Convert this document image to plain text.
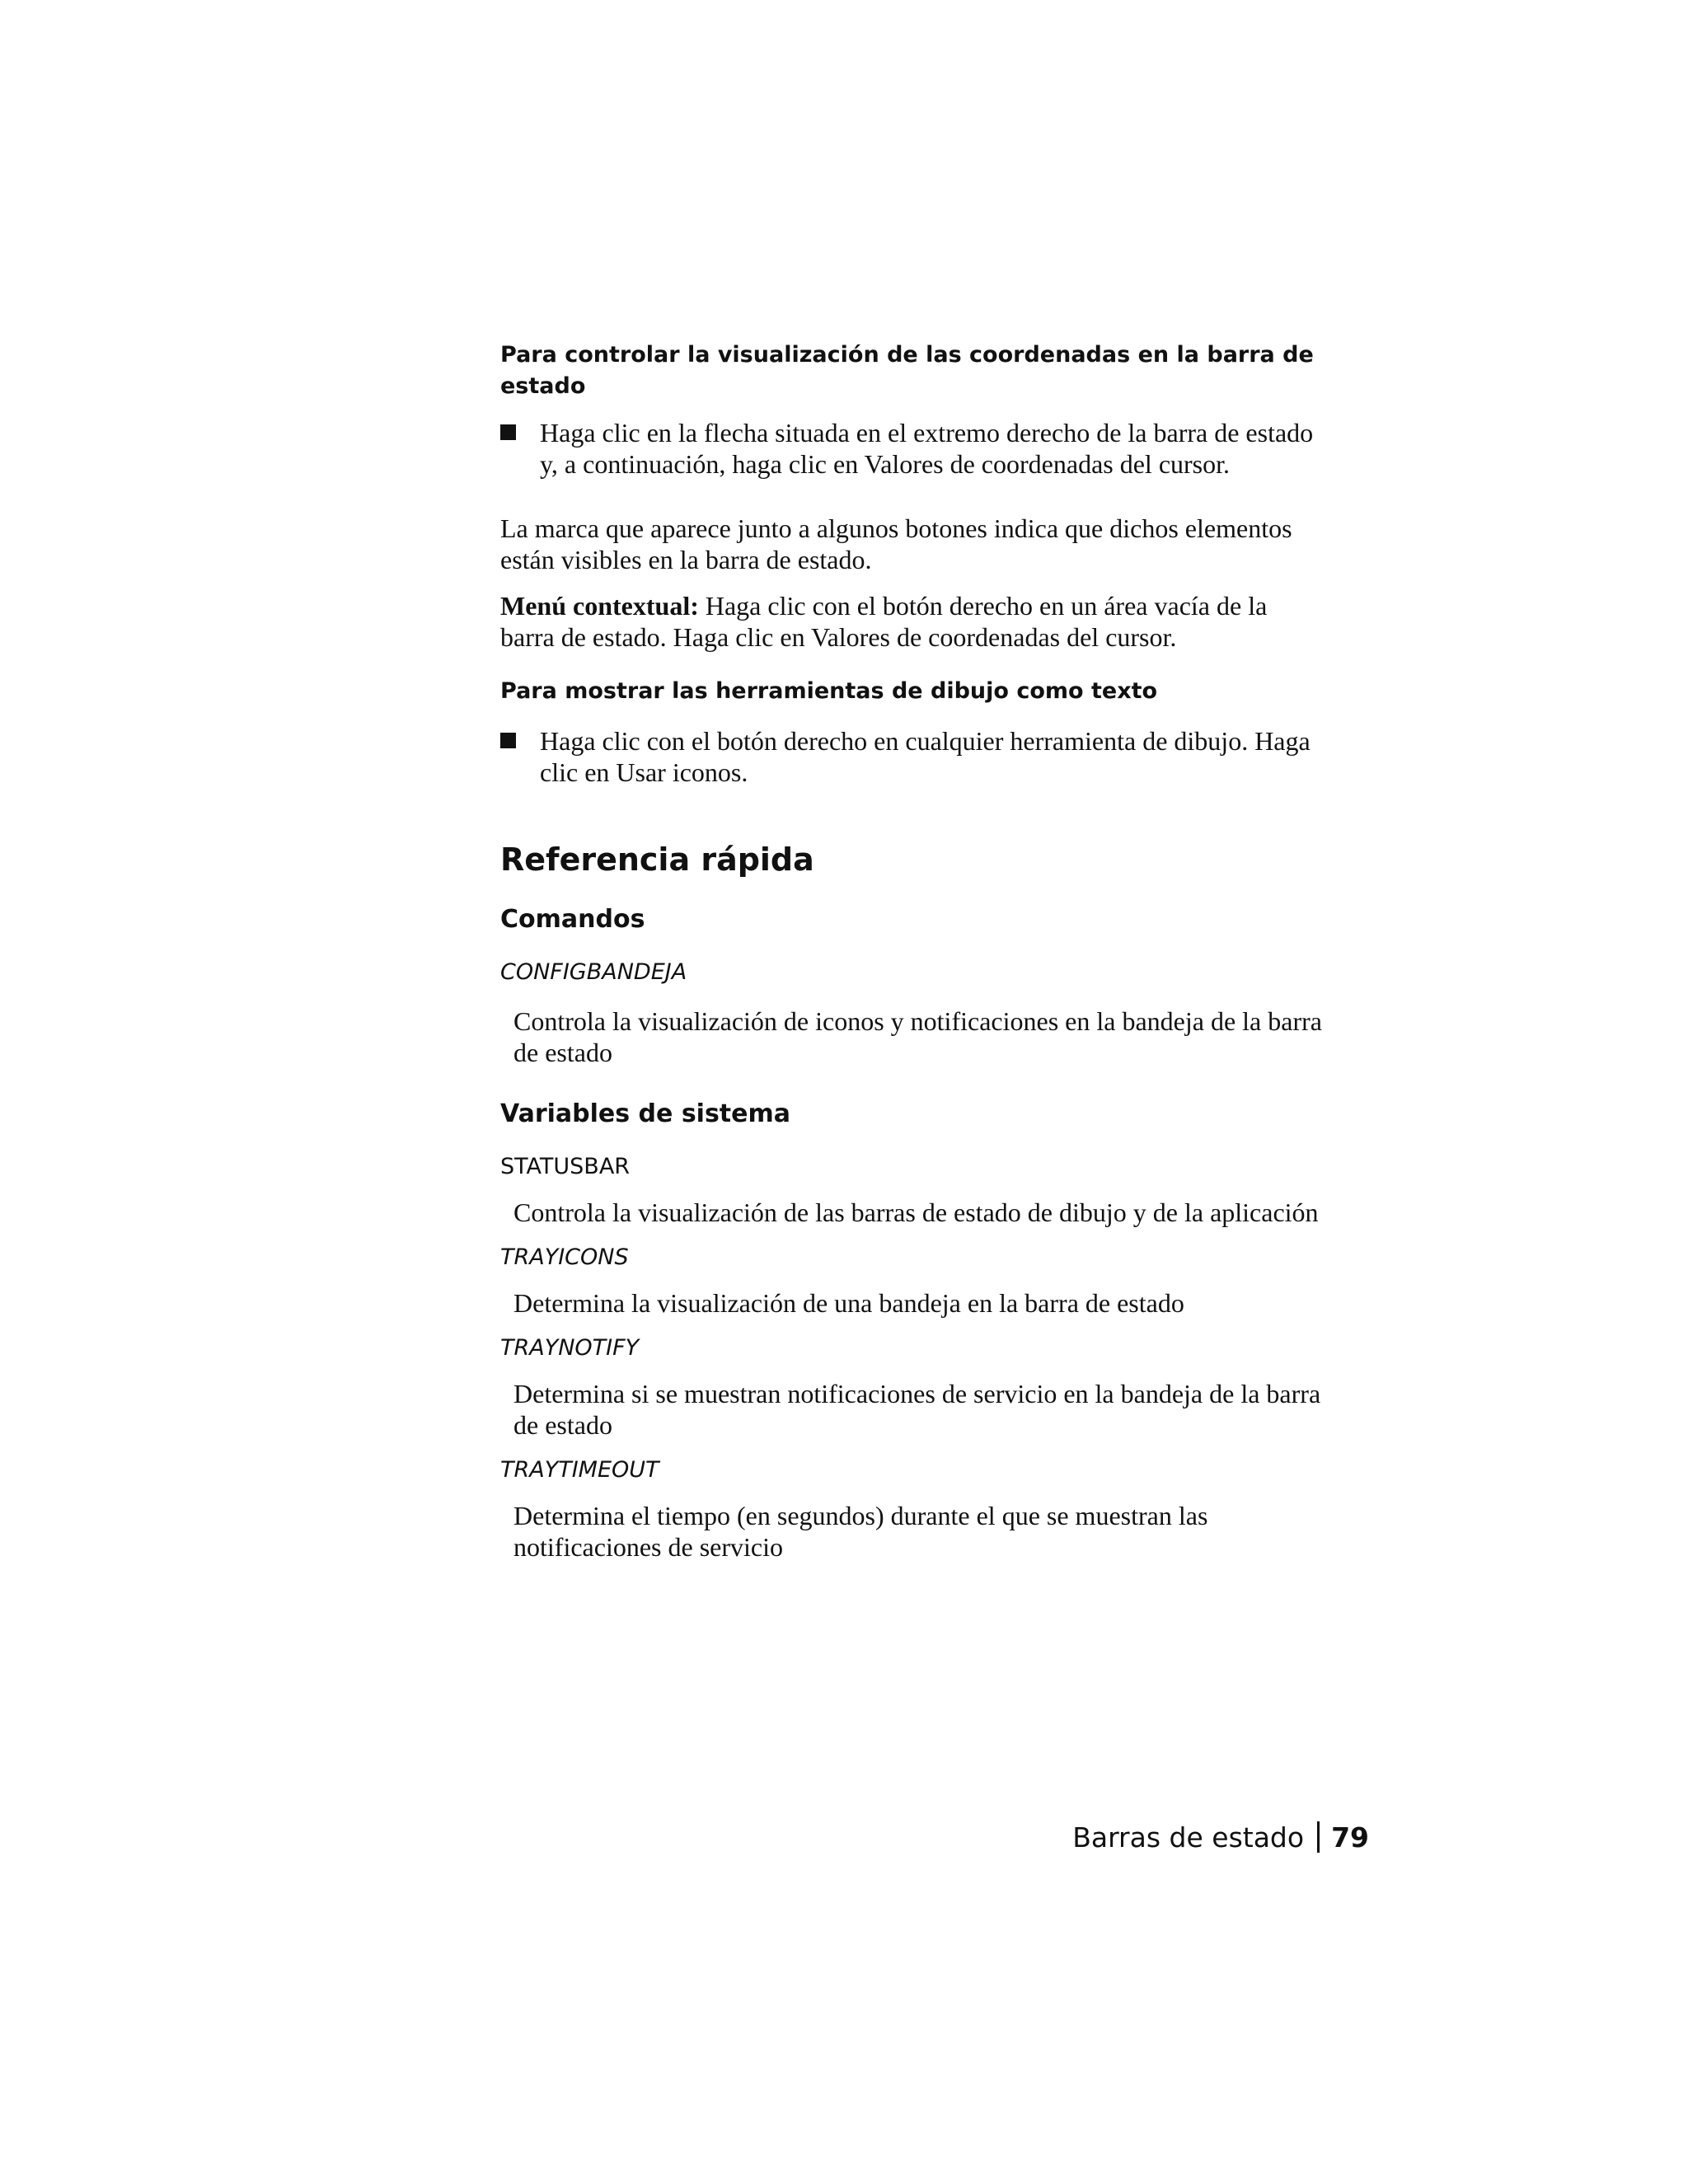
Para controlar la visualización de las coordenadas en la barra de estado
Haga clic en la flecha situada en el extremo derecho de la barra de estado
y, a continuación, haga clic en Valores de coordenadas del cursor.
La marca que aparece junto a algunos botones indica que dichos elementos
están visibles en la barra de estado.
Menú contextual: Haga clic con el botón derecho en un área vacía de la
barra de estado. Haga clic en Valores de coordenadas del cursor.
Para mostrar las herramientas de dibujo como texto
Haga clic con el botón derecho en cualquier herramienta de dibujo. Haga
clic en Usar iconos.
Referencia rápida
Comandos
CONFIGBANDEJA
Controla la visualización de iconos y notificaciones en la bandeja de la barra
de estado
Variables de sistema
STATUSBAR
Controla la visualización de las barras de estado de dibujo y de la aplicación
TRAYICONS
Determina la visualización de una bandeja en la barra de estado
TRAYNOTIFY
Determina si se muestran notificaciones de servicio en la bandeja de la barra
de estado
TRAYTIMEOUT
Determina el tiempo (en segundos) durante el que se muestran las
notificaciones de servicio
Barras de estado 79
